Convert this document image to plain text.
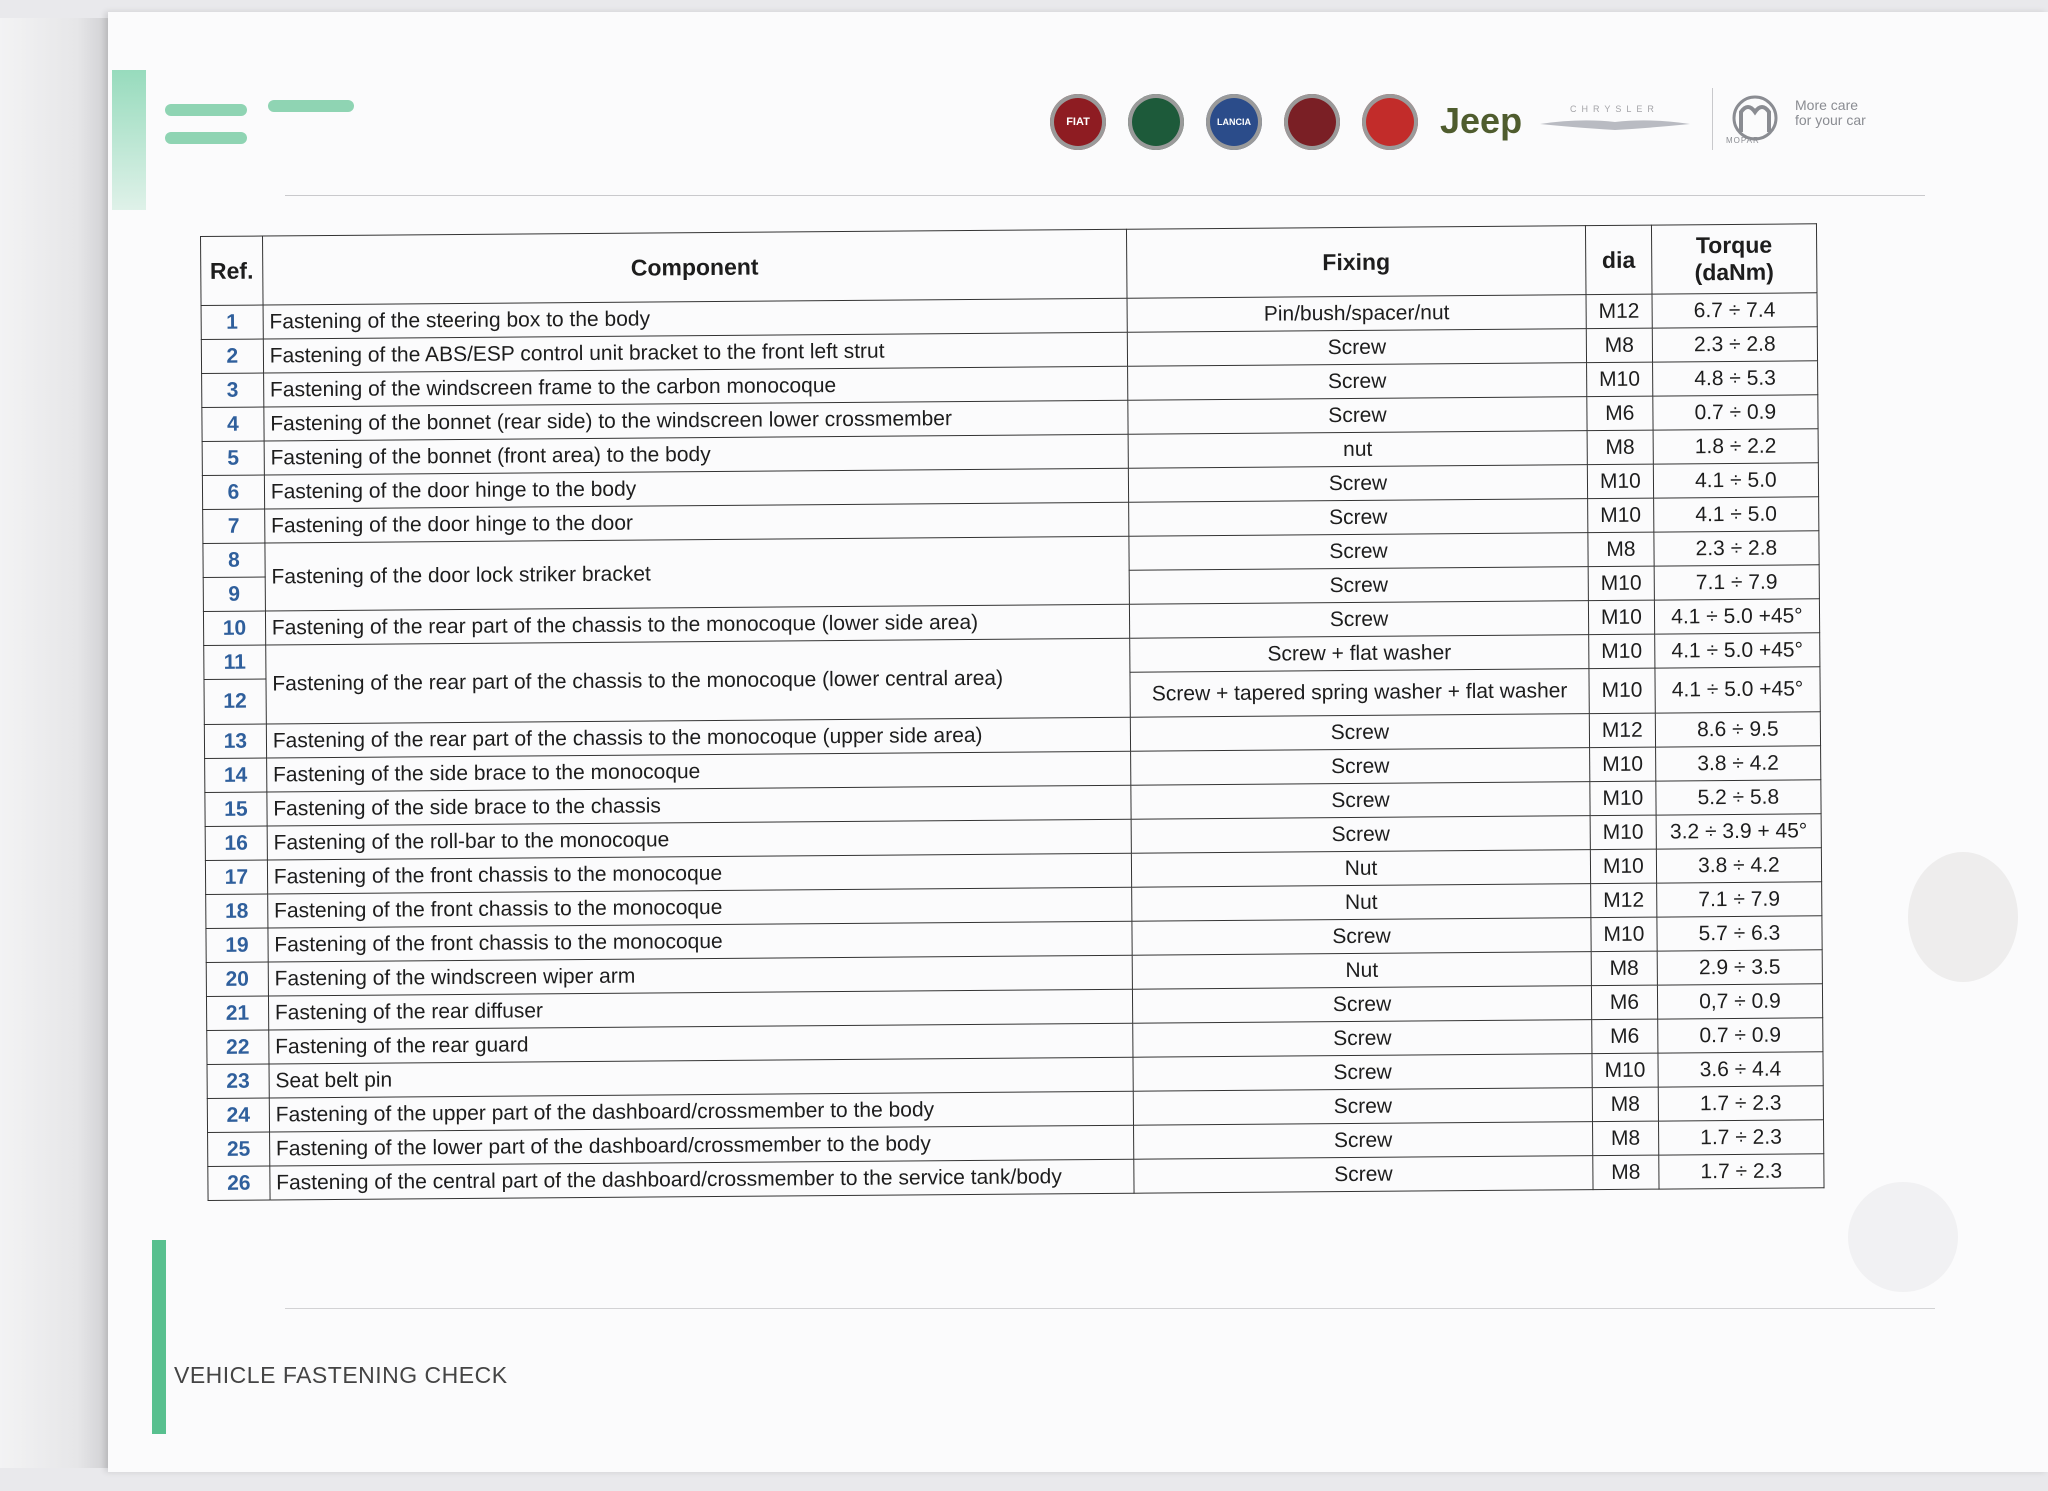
FIAT	LANCIA	Jeep	CHRYSLER
MOPAR
More care
for your car
Ref.	Component	Fixing	dia	Torque
(daNm)

1	Fastening of the steering box to the body	Pin/bush/spacer/nut	M12	6.7 ÷ 7.4
2	Fastening of the ABS/ESP control unit bracket to the front left strut	Screw	M8	2.3 ÷ 2.8
3	Fastening of the windscreen frame to the carbon monocoque	Screw	M10	4.8 ÷ 5.3
4	Fastening of the bonnet (rear side) to the windscreen lower crossmember	Screw	M6	0.7 ÷ 0.9
5	Fastening of the bonnet (front area) to the body	nut	M8	1.8 ÷ 2.2
6	Fastening of the door hinge to the body	Screw	M10	4.1 ÷ 5.0
7	Fastening of the door hinge to the door	Screw	M10	4.1 ÷ 5.0
8	Fastening of the door lock striker bracket	Screw	M8	2.3 ÷ 2.8
9		Screw	M10	7.1 ÷ 7.9
10	Fastening of the rear part of the chassis to the monocoque (lower side area)	Screw	M10	4.1 ÷ 5.0 +45°
11	Fastening of the rear part of the chassis to the monocoque (lower central area)	Screw + flat washer	M10	4.1 ÷ 5.0 +45°
12		Screw + tapered spring washer + flat washer	M10	4.1 ÷ 5.0 +45°
13	Fastening of the rear part of the chassis to the monocoque (upper side area)	Screw	M12	8.6 ÷ 9.5
14	Fastening of the side brace to the monocoque	Screw	M10	3.8 ÷ 4.2
15	Fastening of the side brace to the chassis	Screw	M10	5.2 ÷ 5.8
16	Fastening of the roll-bar to the monocoque	Screw	M10	3.2 ÷ 3.9 + 45°
17	Fastening of the front chassis to the monocoque	Nut	M10	3.8 ÷ 4.2
18	Fastening of the front chassis to the monocoque	Nut	M12	7.1 ÷ 7.9
19	Fastening of the front chassis to the monocoque	Screw	M10	5.7 ÷ 6.3
20	Fastening of the windscreen wiper arm	Nut	M8	2.9 ÷ 3.5
21	Fastening of the rear diffuser	Screw	M6	0,7 ÷ 0.9
22	Fastening of the rear guard	Screw	M6	0.7 ÷ 0.9
23	Seat belt pin	Screw	M10	3.6 ÷ 4.4
24	Fastening of the upper part of the dashboard/crossmember to the body	Screw	M8	1.7 ÷ 2.3
25	Fastening of the lower part of the dashboard/crossmember to the body	Screw	M8	1.7 ÷ 2.3
26	Fastening of the central part of the dashboard/crossmember to the service tank/body	Screw	M8	1.7 ÷ 2.3
VEHICLE FASTENING CHECK
